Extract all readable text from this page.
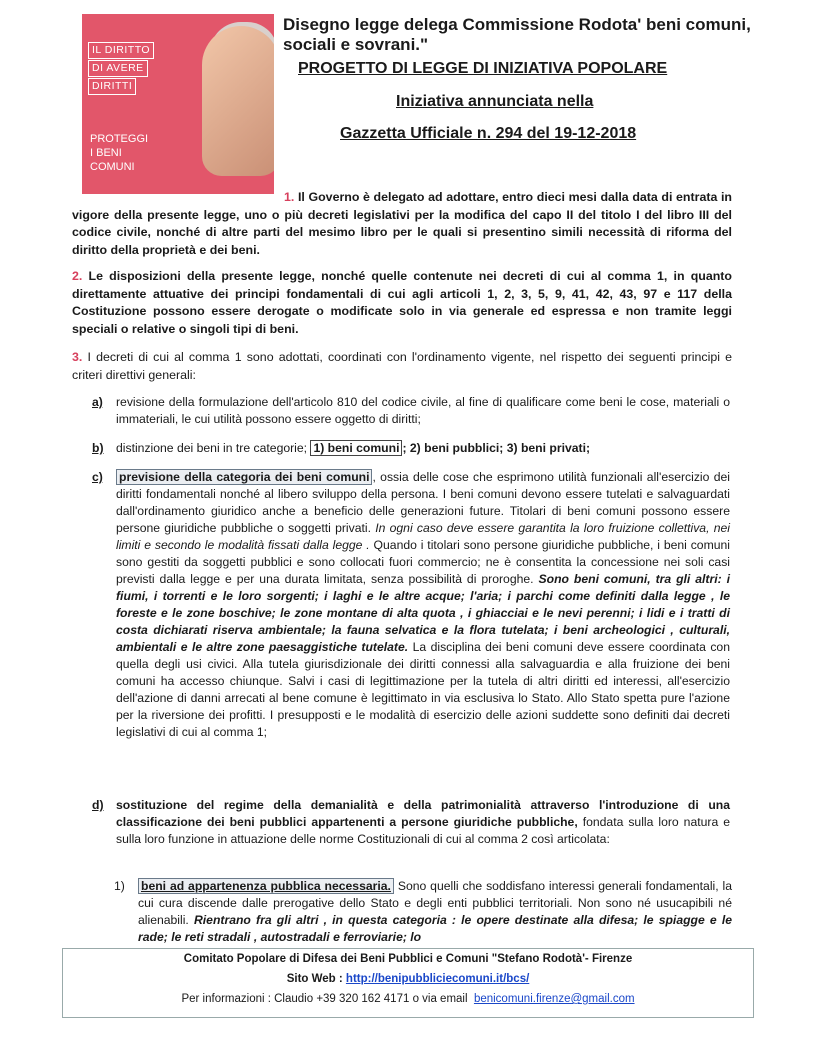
IL DIRITTO
DI AVERE
DIRITTI
PROTEGGI
I BENI
COMUNI
Disegno legge delega Commissione Rodota' beni comuni, sociali e sovrani."
PROGETTO DI LEGGE DI INIZIATIVA POPOLARE
Iniziativa annunciata nella
Gazzetta Ufficiale n. 294 del 19-12-2018
1. Il Governo è delegato ad adottare, entro dieci mesi dalla data di entrata in vigore della presente legge, uno o più decreti legislativi per la modifica del capo II del titolo I del libro III del codice civile, nonché di altre parti del mesimo libro per le quali si presentino simili necessità di riforma del diritto della proprietà e dei beni.
2. Le disposizioni della presente legge, nonché quelle contenute nei decreti di cui al comma 1, in quanto direttamente attuative dei principi fondamentali di cui agli articoli 1, 2, 3, 5, 9, 41, 42, 43, 97 e 117 della Costituzione possono essere derogate o modificate solo in via generale ed espressa e non tramite leggi speciali o relative o singoli tipi di beni.
3. I decreti di cui al comma 1 sono adottati, coordinati con l'ordinamento vigente, nel rispetto dei seguenti principi e criteri direttivi generali:
a) revisione della formulazione dell'articolo 810 del codice civile, al fine di qualificare come beni le cose, materiali o immateriali, le cui utilità possono essere oggetto di diritti;
b) distinzione dei beni in tre categorie; 1) beni comuni ; 2) beni pubblici; 3) beni privati;
c) previsione della categoria dei beni comuni , ossia delle cose che esprimono utilità funzionali all'esercizio dei diritti fondamentali nonché al libero sviluppo della persona. I beni comuni devono essere tutelati e salvaguardati dall'ordinamento giuridico anche a beneficio delle generazioni future. Titolari di beni comuni possono essere persone giuridiche pubbliche o soggetti privati. In ogni caso deve essere garantita la loro fruizione collettiva, nei limiti e secondo le modalità fissati dalla legge . Quando i titolari sono persone giuridiche pubbliche, i beni comuni sono gestiti da soggetti pubblici e sono collocati fuori commercio; ne è consentita la concessione nei soli casi previsti dalla legge e per una durata limitata, senza possibilità di proroghe. Sono beni comuni, tra gli altri: i fiumi, i torrenti e le loro sorgenti; i laghi e le altre acque; l'aria; i parchi come definiti dalla legge , le foreste e le zone boschive; le zone montane di alta quota , i ghiacciai e le nevi perenni; i lidi e i tratti di costa dichiarati riserva ambientale; la fauna selvatica e la flora tutelata; i beni archeologici , culturali, ambientali e le altre zone paesaggistiche tutelate. La disciplina dei beni comuni deve essere coordinata con quella degli usi civici. Alla tutela giurisdizionale dei diritti connessi alla salvaguardia e alla fruizione dei beni comuni ha accesso chiunque. Salvi i casi di legittimazione per la tutela di altri diritti ed interessi, all'esercizio dell'azione di danni arrecati al bene comune è legittimato in via esclusiva lo Stato. Allo Stato spetta pure l'azione per la riversione dei profitti. I presupposti e le modalità di esercizio delle azioni suddette sono definiti dai decreti legislativi di cui al comma 1;
d) sostituzione del regime della demanialità e della patrimonialità attraverso l'introduzione di una classificazione dei beni pubblici appartenenti a persone giuridiche pubbliche, fondata sulla loro natura e sulla loro funzione in attuazione delle norme Costituzionali di cui al comma 2 così articolata:
1) beni ad appartenenza pubblica necessaria. Sono quelli che soddisfano interessi generali fondamentali, la cui cura discende dalle prerogative dello Stato e degli enti pubblici territoriali. Non sono né usucapibili né alienabili. Rientrano fra gli altri , in questa categoria : le opere destinate alla difesa; le spiagge e le rade; le reti stradali , autostradali e ferroviarie; lo
Comitato Popolare di Difesa dei Beni Pubblici e Comuni "Stefano Rodotà'- Firenze
Sito Web : http://benipubbliciecomuni.it/bcs/
Per informazioni : Claudio +39 320 162 4171 o via email benicomuni.firenze@gmail.com
